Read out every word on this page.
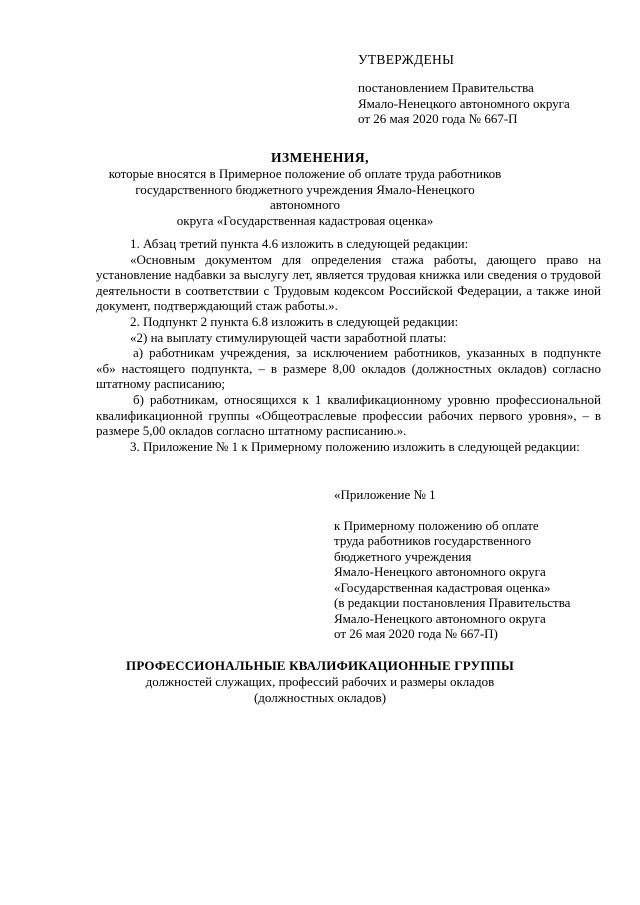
УТВЕРЖДЕНЫ
постановлением Правительства
Ямало-Ненецкого автономного округа
от 26 мая 2020 года № 667-П
ИЗМЕНЕНИЯ,
которые вносятся в Примерное положение об оплате труда работников
государственного бюджетного учреждения Ямало-Ненецкого автономного
округа «Государственная кадастровая оценка»

1. Абзац третий пункта 4.6 изложить в следующей редакции:

«Основным документом для определения стажа работы, дающего право на установление надбавки за выслугу лет, является трудовая книжка или сведения о трудовой деятельности в соответствии с Трудовым кодексом Российской Федерации, а также иной документ, подтверждающий стаж работы.».

2. Подпункт 2 пункта 6.8 изложить в следующей редакции:

«2) на выплату стимулирующей части заработной платы:

а) работникам учреждения, за исключением работников, указанных в подпункте «б» настоящего подпункта, – в размере 8,00 окладов (должностных окладов) согласно штатному расписанию;

б) работникам, относящихся к 1 квалификационному уровню профессиональной квалификационной группы «Общеотраслевые профессии рабочих первого уровня», – в размере 5,00 окладов согласно штатному расписанию.».

3. Приложение № 1 к Примерному положению изложить в следующей редакции:

«Приложение № 1
к Примерному положению об оплате
труда работников государственного
бюджетного учреждения
Ямало-Ненецкого автономного округа
«Государственная кадастровая оценка»
(в редакции постановления Правительства
Ямало-Ненецкого автономного округа
от 26 мая 2020 года № 667-П)
ПРОФЕССИОНАЛЬНЫЕ КВАЛИФИКАЦИОННЫЕ ГРУППЫ
должностей служащих, профессий рабочих и размеры окладов
(должностных окладов)
